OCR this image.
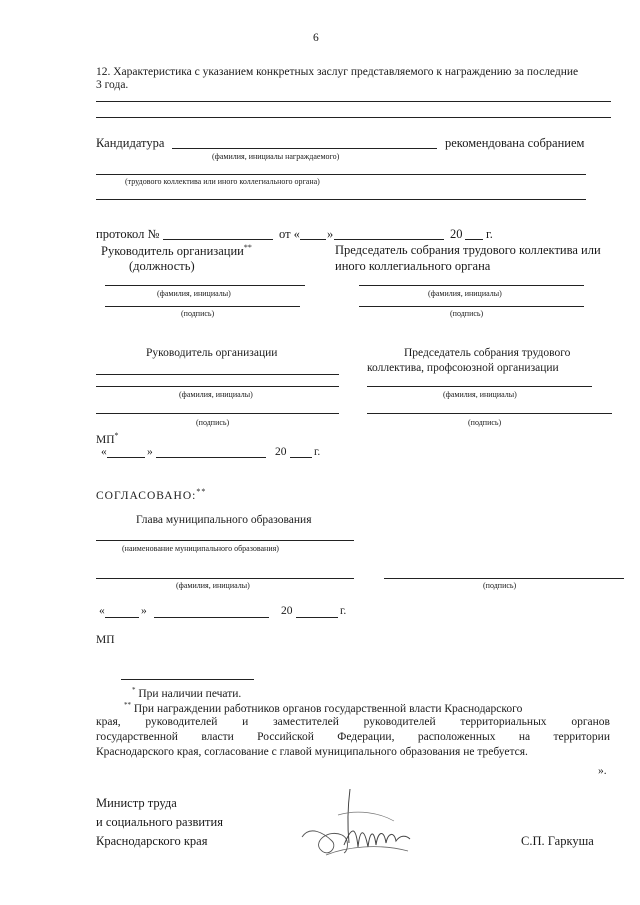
6
12. Характеристика с указанием конкретных заслуг представляемого к награждению за последние
3 года.
Кандидатура	рекомендована собранием
(фамилия, инициалы награждаемого)
(трудового коллектива или иного коллегиального органа)
протокол №	от « »	20 г.
Руководитель организации**
(должность)
Председатель собрания трудового коллектива или
иного коллегиального органа
(фамилия, инициалы)	(фамилия, инициалы)
(подпись)	(подпись)
Руководитель организации	Председатель собрания трудового
коллектива, профсоюзной организации
(фамилия, инициалы)	(фамилия, инициалы)
(подпись)	(подпись)
МП*
«	»	20 г.
СОГЛАСОВАНО:**
Глава муниципального образования
(наименование муниципального образования)
(фамилия, инициалы)	(подпись)
«	»	20	г.
МП
* При наличии печати.
** При награждении работников органов государственной власти Краснодарского
края, руководителей и заместителей руководителей территориальных органов
государственной власти Российской Федерации, расположенных на территории
Краснодарского края, согласование с главой муниципального образования не требуется.
».
Министр труда
и социального развития
Краснодарского края	С.П. Гаркуша
